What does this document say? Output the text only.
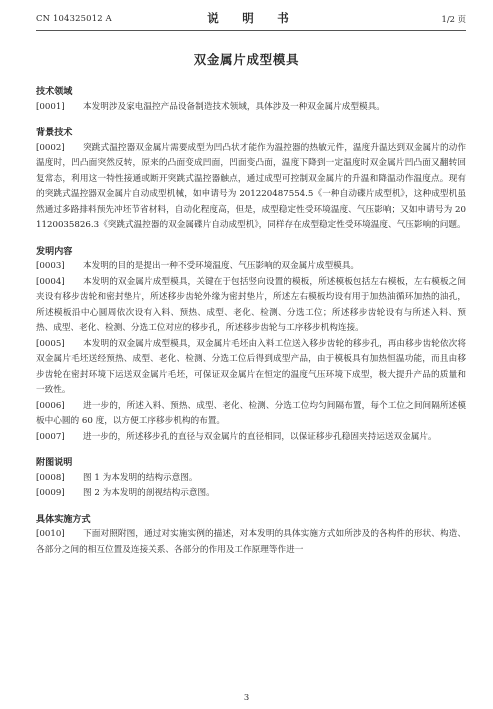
CN 104325012 A	说　明　书	1/2 页
双金属片成型模具

技术领域

[0001] 本发明涉及家电温控产品设备制造技术领域，具体涉及一种双金属片成型模具。

背景技术

[0002] 突跳式温控器双金属片需要成型为凹凸状才能作为温控器的热敏元件，温度升温达到双金属片的动作温度时，凹凸面突然反转，原来的凸面变成凹面，凹面变凸面，温度下降到一定温度时双金属片凹凸面又翻转回复常态，利用这一特性接通或断开突跳式温控器触点，通过成型可控制双金属片的升温和降温动作温度点。现有的突跳式温控器双金属片自动成型机械，如申请号为 201220487554.5《一种自动碟片成型机》，这种成型机虽然通过多路排料预先冲坯节省材料，自动化程度高，但是，成型稳定性受环境温度、气压影响；又如申请号为 201120035826.3《突跳式温控器的双金属碟片自动成型机》，同样存在成型稳定性受环境温度、气压影响的问题。

发明内容

[0003] 本发明的目的是提出一种不受环境温度、气压影响的双金属片成型模具。

[0004] 本发明的双金属片成型模具，关键在于包括竖向设置的模板，所述模板包括左右模板，左右模板之间夹设有移步齿轮和密封垫片，所述移步齿轮外缘为密封垫片，所述左右模板均设有用于加热油循环加热的油孔，所述模板沿中心圆周依次设有入料、预热、成型、老化、检测、分选工位；所述移步齿轮设有与所述入料、预热、成型、老化、检测、分选工位对应的移步孔，所述移步齿轮与工序移步机构连接。

[0005] 本发明的双金属片成型模具，双金属片毛坯由入料工位送入移步齿轮的移步孔，再由移步齿轮依次将双金属片毛坯送经预热、成型、老化、检测、分选工位后得到成型产品，由于模板具有加热恒温功能，而且由移步齿轮在密封环境下运送双金属片毛坯，可保证双金属片在恒定的温度气压环境下成型，极大提升产品的质量和一致性。

[0006] 进一步的，所述入料、预热、成型、老化、检测、分选工位均匀间隔布置，每个工位之间间隔所述模板中心圆的 60 度，以方便工序移步机构的布置。

[0007] 进一步的，所述移步孔的直径与双金属片的直径相同，以保证移步孔稳固夹持运送双金属片。

附图说明

[0008] 图 1 为本发明的结构示意图。

[0009] 图 2 为本发明的剖视结构示意图。

具体实施方式

[0010] 下面对照附图，通过对实施实例的描述，对本发明的具体实施方式如所涉及的各构件的形状、构造、各部分之间的相互位置及连接关系、各部分的作用及工作原理等作进一

3
